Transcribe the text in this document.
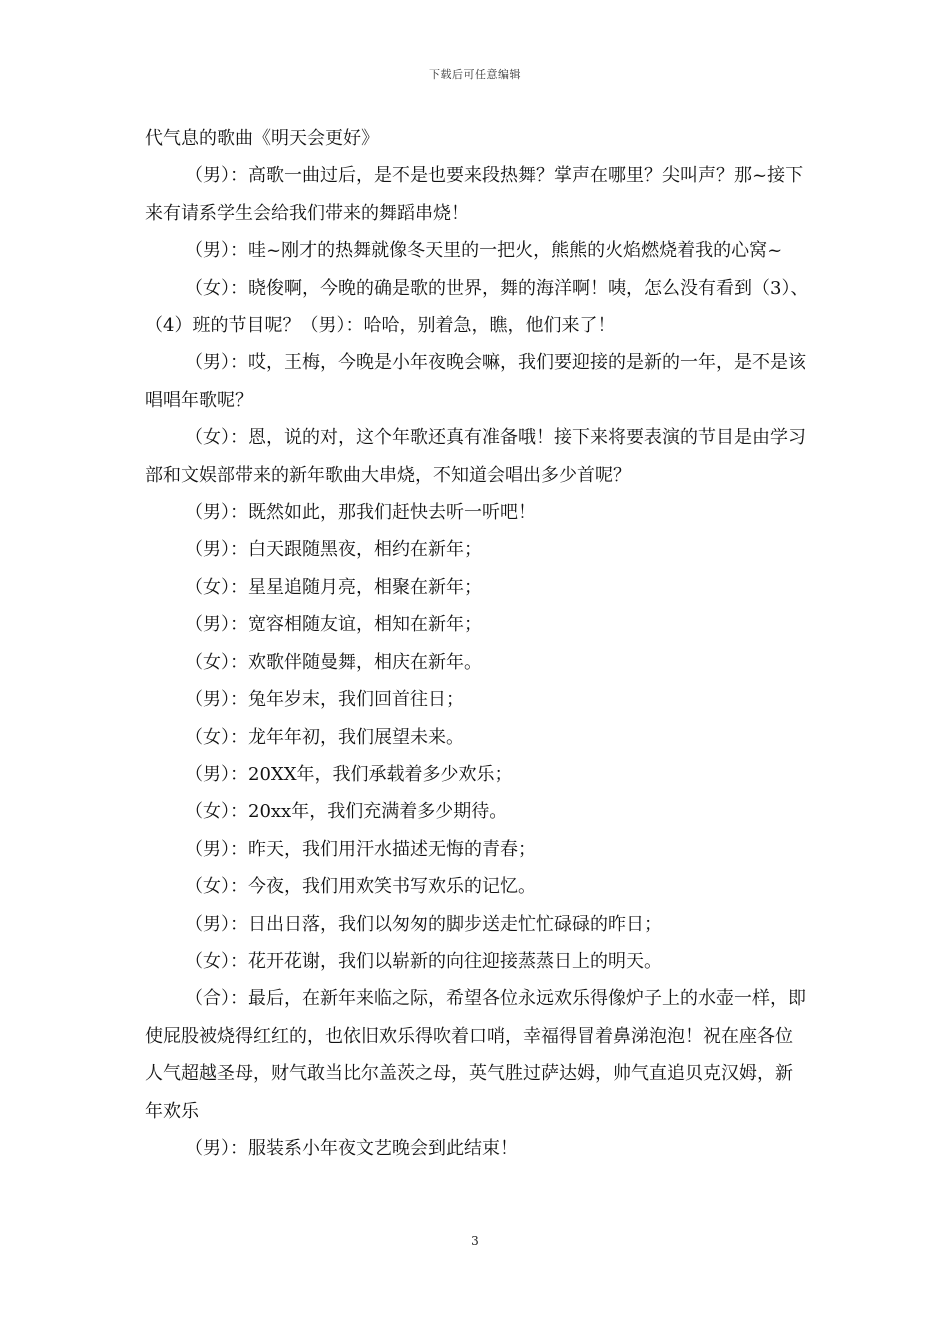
下载后可任意编辑

代气息的歌曲《明天会更好》

（男）：高歌一曲过后，是不是也要来段热舞？掌声在哪里？尖叫声？那~接下来有请系学生会给我们带来的舞蹈串烧！

（男）：哇~刚才的热舞就像冬天里的一把火，熊熊的火焰燃烧着我的心窝~

（女）：晓俊啊，今晚的确是歌的世界，舞的海洋啊！咦，怎么没有看到（3）、（4）班的节目呢？（男）：哈哈，别着急，瞧，他们来了！

（男）：哎，王梅，今晚是小年夜晚会嘛，我们要迎接的是新的一年，是不是该唱唱年歌呢？

（女）：恩，说的对，这个年歌还真有准备哦！接下来将要表演的节目是由学习部和文娱部带来的新年歌曲大串烧，不知道会唱出多少首呢？

（男）：既然如此，那我们赶快去听一听吧！

（男）：白天跟随黑夜，相约在新年；

（女）：星星追随月亮，相聚在新年；

（男）：宽容相随友谊，相知在新年；

（女）：欢歌伴随曼舞，相庆在新年。

（男）：兔年岁末，我们回首往日；

（女）：龙年年初，我们展望未来。

（男）：20XX年，我们承载着多少欢乐；

（女）：20xx年，我们充满着多少期待。

（男）：昨天，我们用汗水描述无悔的青春；

（女）：今夜，我们用欢笑书写欢乐的记忆。

（男）：日出日落，我们以匆匆的脚步送走忙忙碌碌的昨日；

（女）：花开花谢，我们以崭新的向往迎接蒸蒸日上的明天。

（合）：最后，在新年来临之际，希望各位永远欢乐得像炉子上的水壶一样，即使屁股被烧得红红的，也依旧欢乐得吹着口哨，幸福得冒着鼻涕泡泡！祝在座各位人气超越圣母，财气敢当比尔盖茨之母，英气胜过萨达姆，帅气直追贝克汉姆，新年欢乐

（男）：服装系小年夜文艺晚会到此结束！

3
